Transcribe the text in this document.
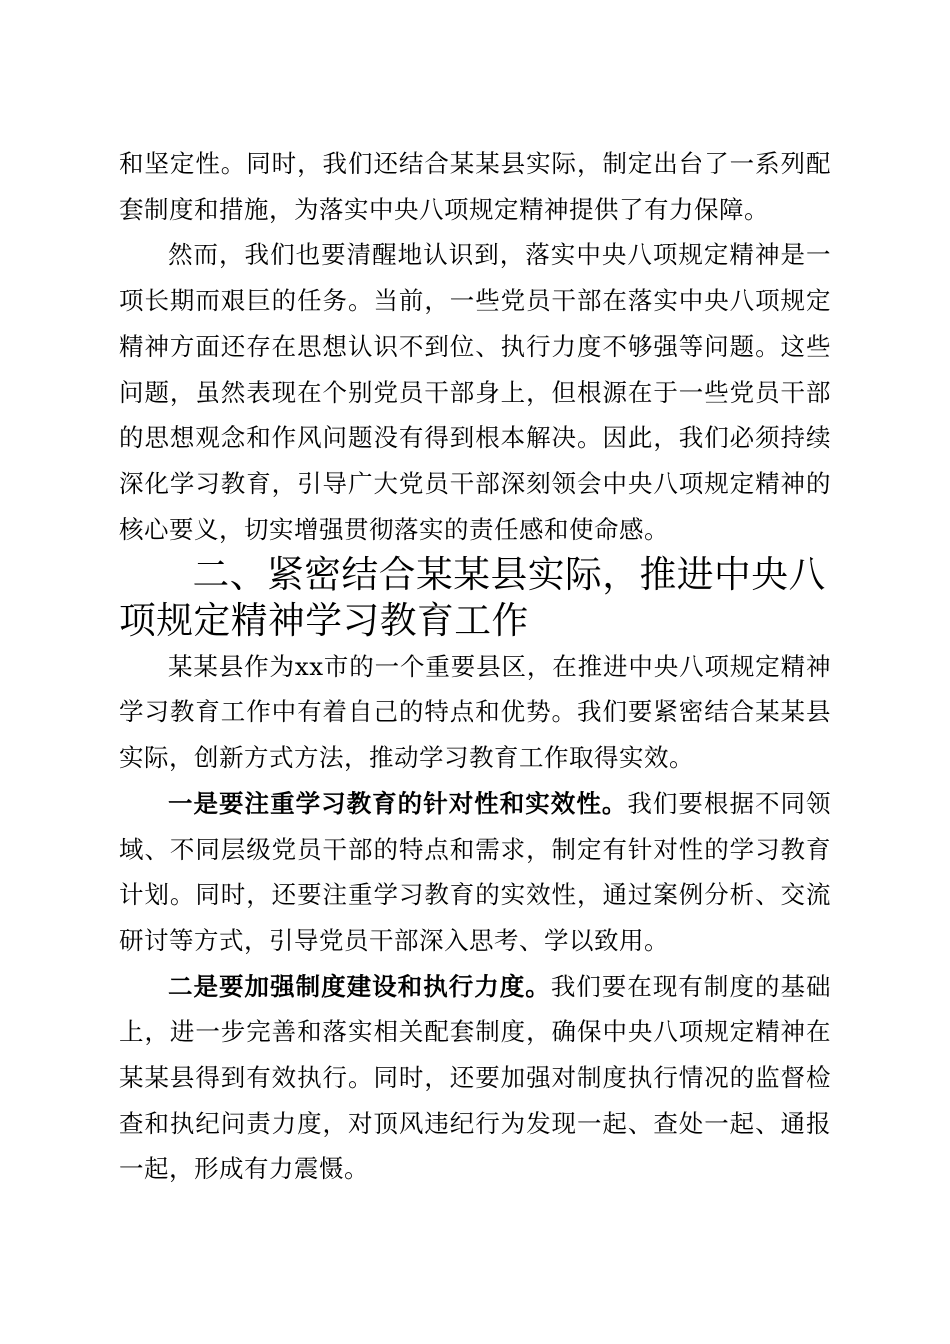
和坚定性。同时，我们还结合某某县实际，制定出台了一系列配套制度和措施，为落实中央八项规定精神提供了有力保障。

然而，我们也要清醒地认识到，落实中央八项规定精神是一项长期而艰巨的任务。当前，一些党员干部在落实中央八项规定精神方面还存在思想认识不到位、执行力度不够强等问题。这些问题，虽然表现在个别党员干部身上，但根源在于一些党员干部的思想观念和作风问题没有得到根本解决。因此，我们必须持续深化学习教育，引导广大党员干部深刻领会中央八项规定精神的核心要义，切实增强贯彻落实的责任感和使命感。

二、紧密结合某某县实际，推进中央八项规定精神学习教育工作

某某县作为xx市的一个重要县区，在推进中央八项规定精神学习教育工作中有着自己的特点和优势。我们要紧密结合某某县实际，创新方式方法，推动学习教育工作取得实效。

一是要注重学习教育的针对性和实效性。我们要根据不同领域、不同层级党员干部的特点和需求，制定有针对性的学习教育计划。同时，还要注重学习教育的实效性，通过案例分析、交流研讨等方式，引导党员干部深入思考、学以致用。

二是要加强制度建设和执行力度。我们要在现有制度的基础上，进一步完善和落实相关配套制度，确保中央八项规定精神在某某县得到有效执行。同时，还要加强对制度执行情况的监督检查和执纪问责力度，对顶风违纪行为发现一起、查处一起、通报一起，形成有力震慑。
